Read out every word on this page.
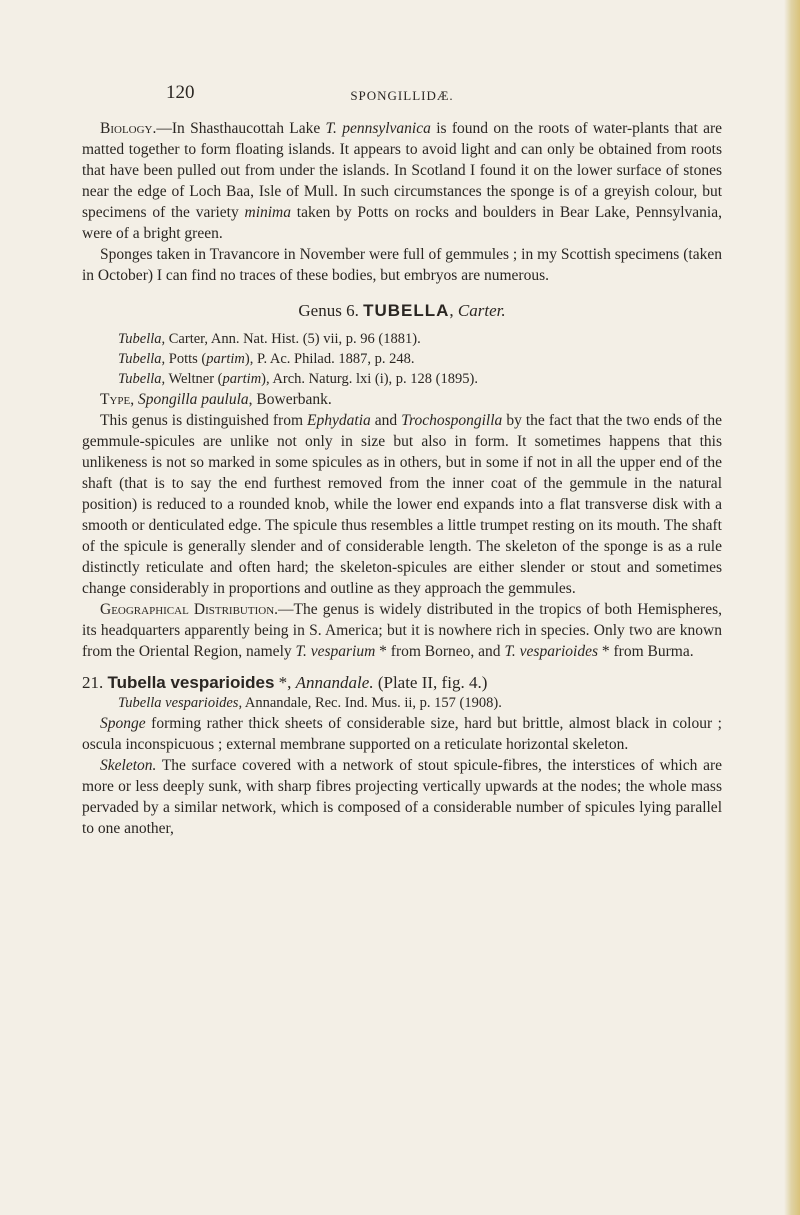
120	SPONGILLIDÆ.

Biology.—In Shasthaucottah Lake T. pennsylvanica is found on the roots of water-plants that are matted together to form floating islands. It appears to avoid light and can only be obtained from roots that have been pulled out from under the islands. In Scotland I found it on the lower surface of stones near the edge of Loch Baa, Isle of Mull. In such circumstances the sponge is of a greyish colour, but specimens of the variety minima taken by Potts on rocks and boulders in Bear Lake, Pennsylvania, were of a bright green.

Sponges taken in Travancore in November were full of gemmules ; in my Scottish specimens (taken in October) I can find no traces of these bodies, but embryos are numerous.

Genus 6. TUBELLA, Carter.
Tubella, Carter, Ann. Nat. Hist. (5) vii, p. 96 (1881).
Tubella, Potts (partim), P. Ac. Philad. 1887, p. 248.
Tubella, Weltner (partim), Arch. Naturg. lxi (i), p. 128 (1895).

Type, Spongilla paulula, Bowerbank.

This genus is distinguished from Ephydatia and Trochospongilla by the fact that the two ends of the gemmule-spicules are unlike not only in size but also in form. It sometimes happens that this unlikeness is not so marked in some spicules as in others, but in some if not in all the upper end of the shaft (that is to say the end furthest removed from the inner coat of the gemmule in the natural position) is reduced to a rounded knob, while the lower end expands into a flat transverse disk with a smooth or denticulated edge. The spicule thus resembles a little trumpet resting on its mouth. The shaft of the spicule is generally slender and of considerable length. The skeleton of the sponge is as a rule distinctly reticulate and often hard; the skeleton-spicules are either slender or stout and sometimes change considerably in proportions and outline as they approach the gemmules.

Geographical Distribution.—The genus is widely distributed in the tropics of both Hemispheres, its headquarters apparently being in S. America; but it is nowhere rich in species. Only two are known from the Oriental Region, namely T. vesparium * from Borneo, and T. vesparioides * from Burma.

21. Tubella vesparioides *, Annandale. (Plate II, fig. 4.)
Tubella vesparioides, Annandale, Rec. Ind. Mus. ii, p. 157 (1908).

Sponge forming rather thick sheets of considerable size, hard but brittle, almost black in colour ; oscula inconspicuous ; external membrane supported on a reticulate horizontal skeleton.

Skeleton. The surface covered with a network of stout spicule-fibres, the interstices of which are more or less deeply sunk, with sharp fibres projecting vertically upwards at the nodes; the whole mass pervaded by a similar network, which is composed of a considerable number of spicules lying parallel to one another,
